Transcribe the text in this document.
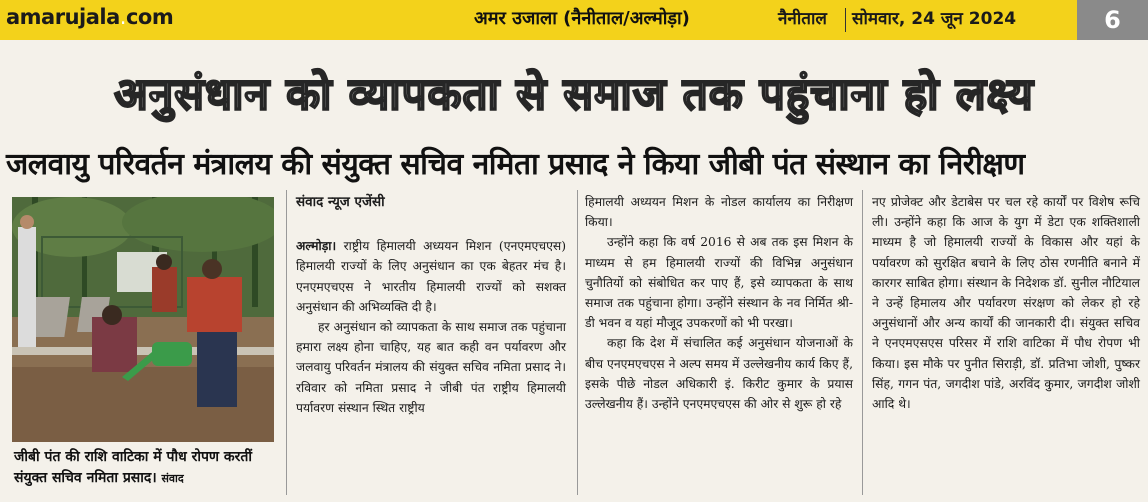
amarujala.com	अमर उजाला (नैनीताल/अल्मोड़ा)	नैनीताल सोमवार, 24 जून 2024	6
अनुसंधान को व्यापकता से समाज तक पहुंचाना हो लक्ष्य
जलवायु परिवर्तन मंत्रालय की संयुक्त सचिव नमिता प्रसाद ने किया जीबी पंत संस्थान का निरीक्षण
जीबी पंत की राशि वाटिका में पौध रोपण करतीं संयुक्त सचिव नमिता प्रसाद। संवाद

संवाद न्यूज एजेंसी

अल्मोड़ा। राष्ट्रीय हिमालयी अध्ययन मिशन (एनएमएचएस) हिमालयी राज्यों के लिए अनुसंधान का एक बेहतर मंच है। एनएमएचएस ने भारतीय हिमालयी राज्यों को सशक्त अनुसंधान की अभिव्यक्ति दी है।

हर अनुसंधान को व्यापकता के साथ समाज तक पहुंचाना हमारा लक्ष्य होना चाहिए, यह बात कही वन पर्यावरण और जलवायु परिवर्तन मंत्रालय की संयुक्त सचिव नमिता प्रसाद ने। रविवार को नमिता प्रसाद ने जीबी पंत राष्ट्रीय हिमालयी पर्यावरण संस्थान स्थित राष्ट्रीय

हिमालयी अध्ययन मिशन के नोडल कार्यालय का निरीक्षण किया।

उन्होंने कहा कि वर्ष 2016 से अब तक इस मिशन के माध्यम से हम हिमालयी राज्यों की विभिन्न अनुसंधान चुनौतियों को संबोधित कर पाए हैं, इसे व्यापकता के साथ समाज तक पहुंचाना होगा। उन्होंने संस्थान के नव निर्मित श्री-डी भवन व यहां मौजूद उपकरणों को भी परखा।

कहा कि देश में संचालित कई अनुसंधान योजनाओं के बीच एनएमएचएस ने अल्प समय में उल्लेखनीय कार्य किए हैं, इसके पीछे नोडल अधिकारी इं. किरीट कुमार के प्रयास उल्लेखनीय हैं। उन्होंने एनएमएचएस की ओर से शुरू हो रहे

नए प्रोजेक्ट और डेटाबेस पर चल रहे कार्यों पर विशेष रूचि ली। उन्होंने कहा कि आज के युग में डेटा एक शक्तिशाली माध्यम है जो हिमालयी राज्यों के विकास और यहां के पर्यावरण को सुरक्षित बचाने के लिए ठोस रणनीति बनाने में कारगर साबित होगा। संस्थान के निदेशक डॉ. सुनील नौटियाल ने उन्हें हिमालय और पर्यावरण संरक्षण को लेकर हो रहे अनुसंधानों और अन्य कार्यों की जानकारी दी। संयुक्त सचिव ने एनएमएसएस परिसर में राशि वाटिका में पौध रोपण भी किया। इस मौके पर पुनीत सिराड़ी, डॉ. प्रतिभा जोशी, पुष्कर सिंह, गगन पंत, जगदीश पांडे, अरविंद कुमार, जगदीश जोशी आदि थे।
